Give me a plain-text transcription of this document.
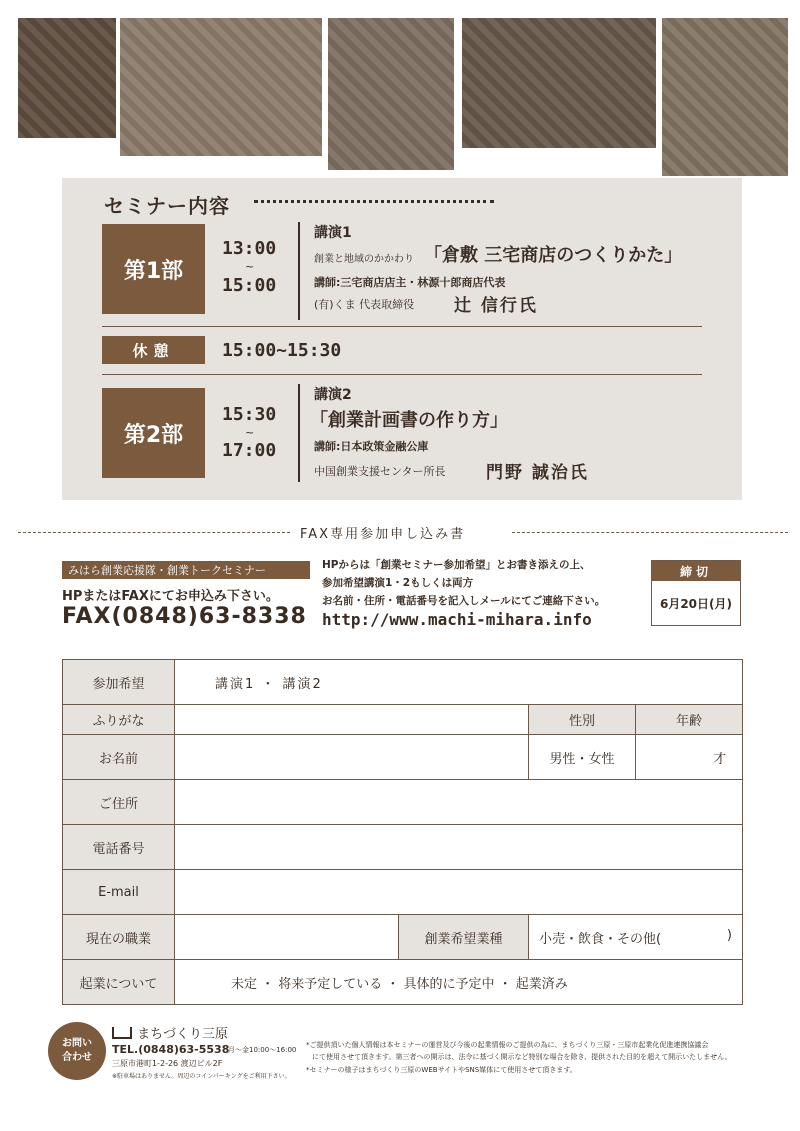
セミナー内容
第1部
13:00
~
15:00
講演1
創業と地域のかかわり 「倉敷 三宅商店のつくりかた」
講師:三宅商店店主・林源十郎商店代表
(有)くま 代表取締役 辻 信行氏
休憩	15:00~15:30
第2部
15:30
~
17:00
講演2
「創業計画書の作り方」
講師:日本政策金融公庫
中国創業支援センター所長 門野 誠治氏
FAX専用参加申し込み書
みはら創業応援隊・創業トークセミナー
HPまたはFAXにてお申込み下さい。
FAX(0848)63-8338
HPからは「創業セミナー参加希望」とお書き添えの上、
参加希望講演1・2もしくは両方
お名前・住所・電話番号を記入しメールにてご連絡下さい。
http://www.machi-mihara.info
締切
6月20日(月)
参加希望	講演1 ・ 講演2			
ふりがな			性別	年齢
お名前			男性・女性	才
ご住所				
電話番号				
E-mail				
現在の職業		創業希望業種	小売・飲食・その他( )	

起業について	未定 ・ 将来予定している ・ 具体的に予定中 ・ 起業済み			
お問い
合わせ
まちづくり三原
TEL.(0848)63-5538
月〜金10:00〜16:00
三原市港町1-2-26 渡辺ビル2F
※駐車場はありません。周辺のコインパーキングをご利用下さい。
*ご提供頂いた個人情報は本セミナーの運営及び今後の起業情報のご提供の為に、まちづくり三原・三原市起業化促進連携協議会
にて使用させて頂きます。第三者への開示は、法令に基づく開示など特別な場合を除き、提供された目的を超えて開示いたしません。
*セミナーの様子はまちづくり三原のWEBサイトやSNS媒体にて使用させて頂きます。
